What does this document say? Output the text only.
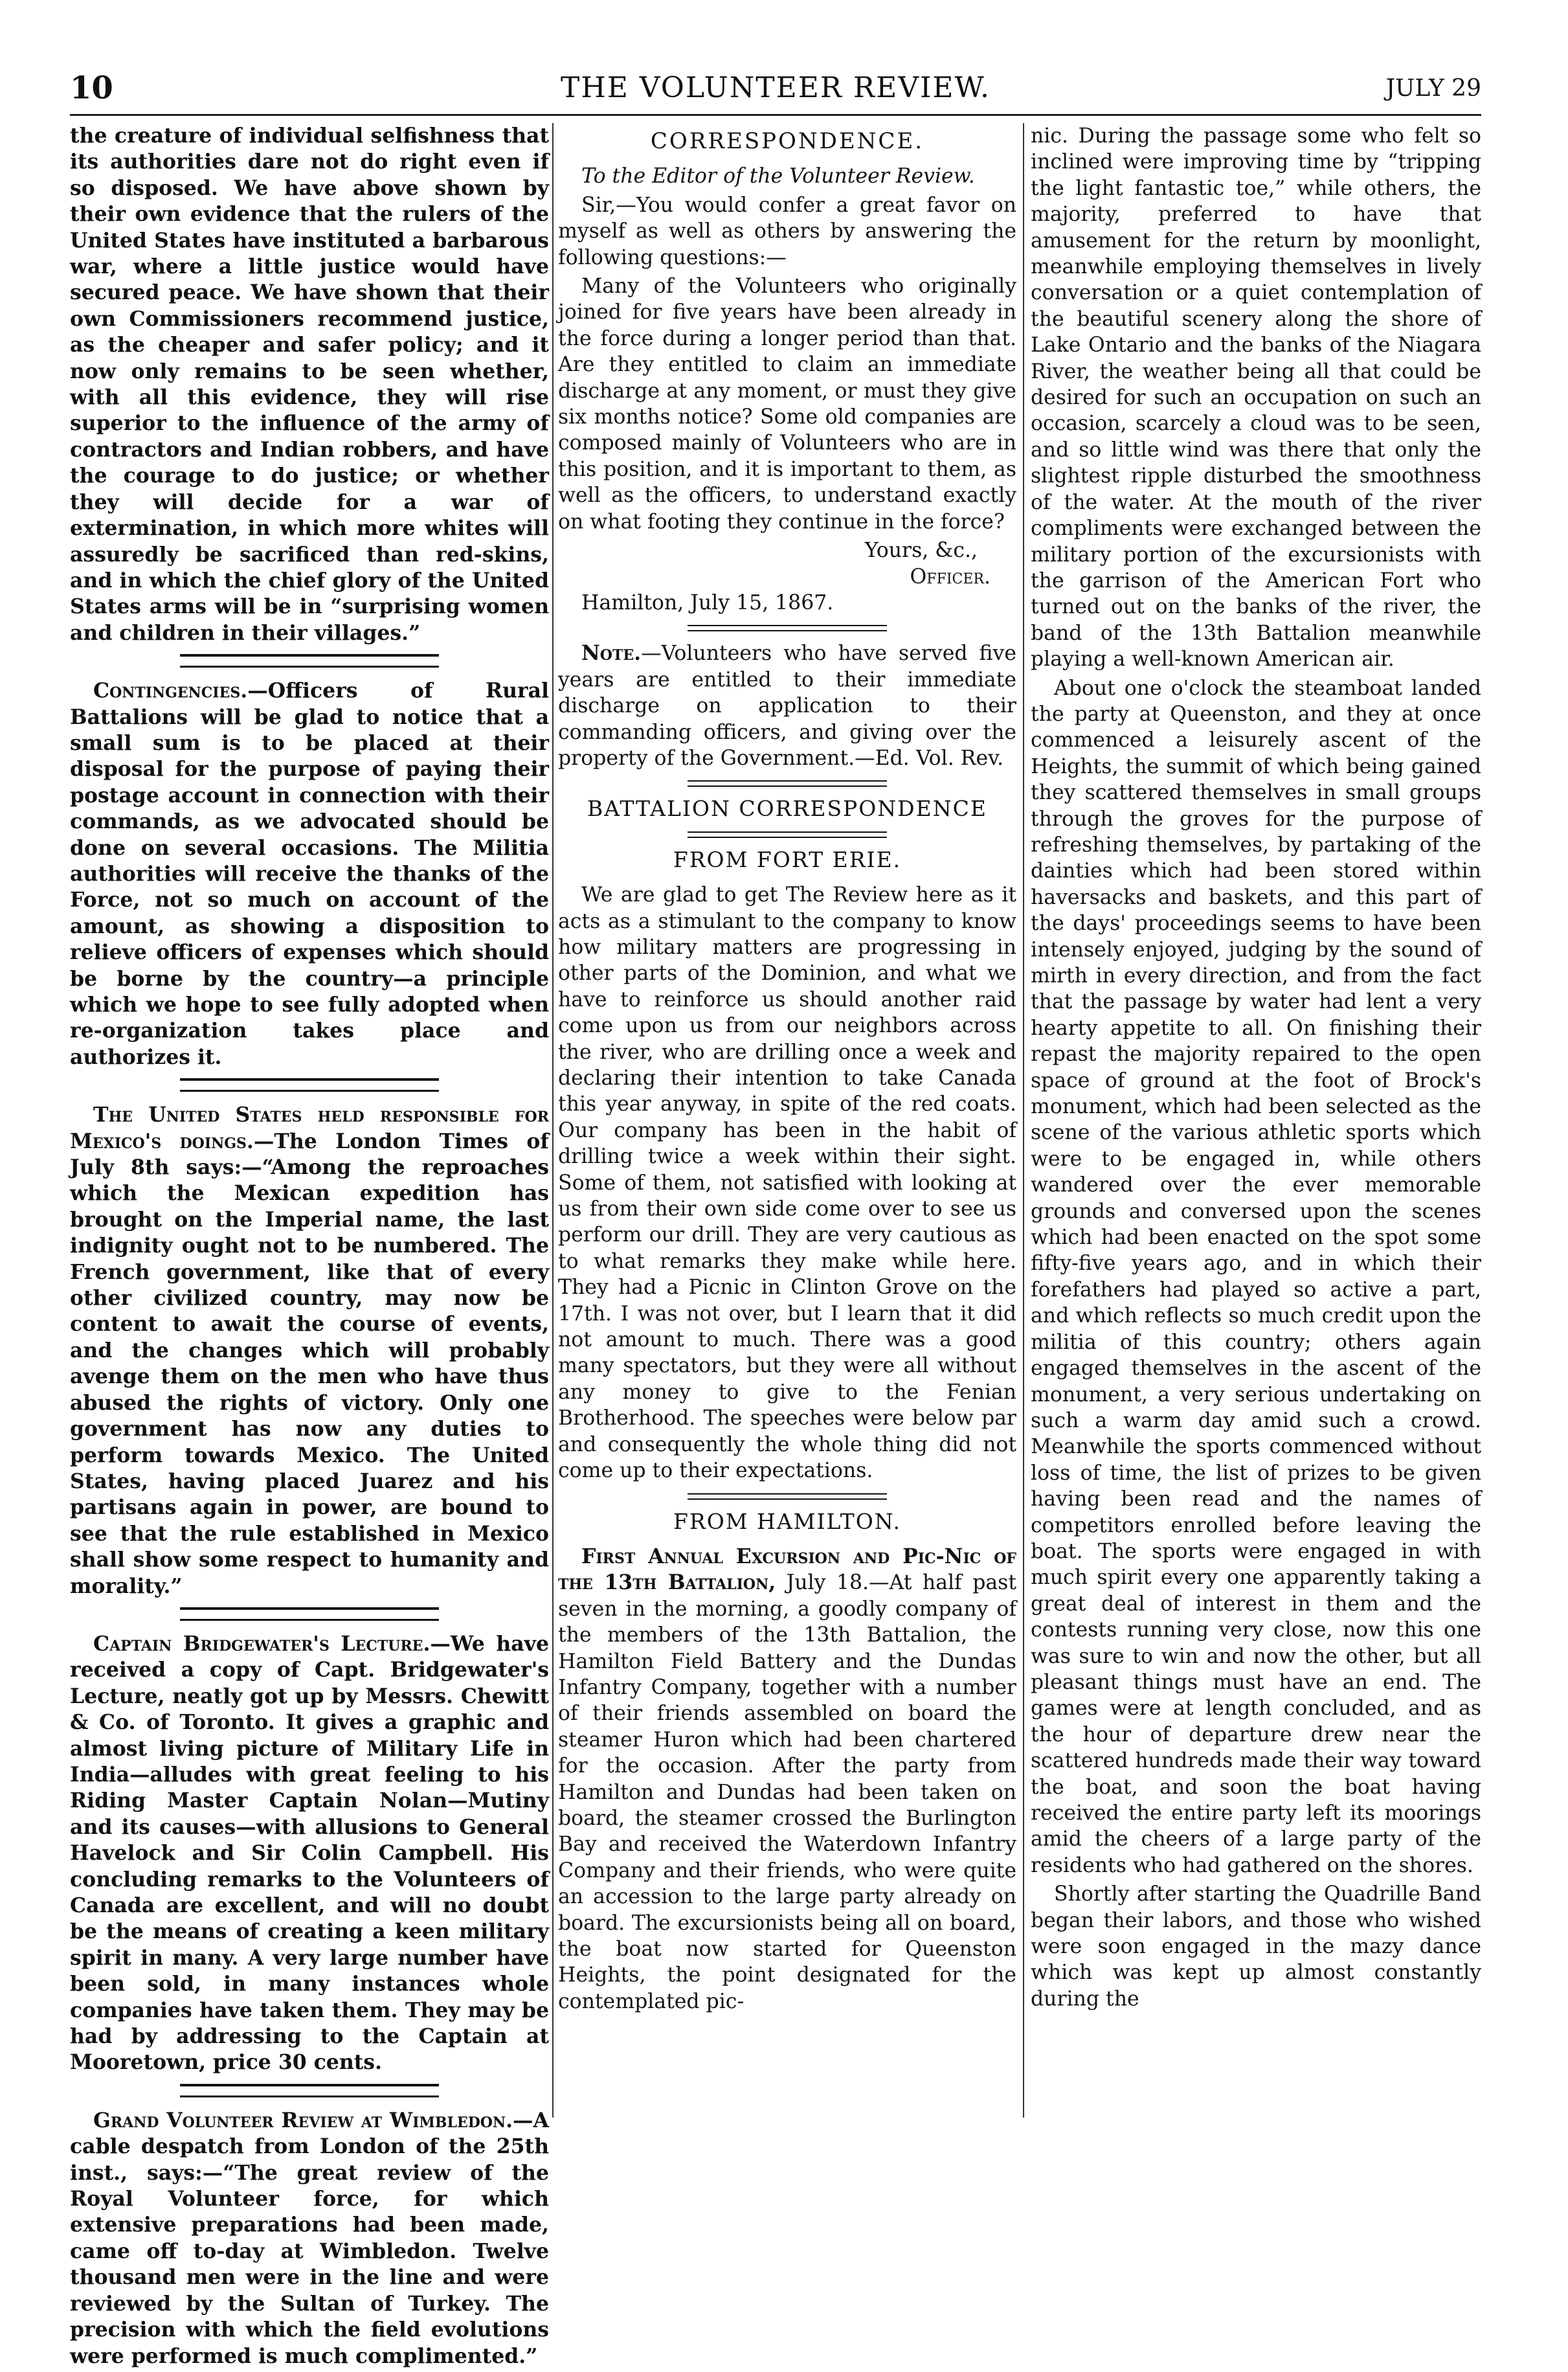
10	THE VOLUNTEER REVIEW.	JULY 29

the creature of individual selfishness that its authorities dare not do right even if so disposed. We have above shown by their own evidence that the rulers of the United States have instituted a barbarous war, where a little justice would have secured peace. We have shown that their own Commissioners recommend justice, as the cheaper and safer policy; and it now only remains to be seen whether, with all this evidence, they will rise superior to the influence of the army of contractors and Indian robbers, and have the courage to do justice; or whether they will decide for a war of extermination, in which more whites will assuredly be sacrificed than red-skins, and in which the chief glory of the United States arms will be in “surprising women and children in their villages.”

Contingencies.—Officers of Rural Battalions will be glad to notice that a small sum is to be placed at their disposal for the purpose of paying their postage account in connection with their commands, as we advocated should be done on several occasions. The Militia authorities will receive the thanks of the Force, not so much on account of the amount, as showing a disposition to relieve officers of expenses which should be borne by the country—a principle which we hope to see fully adopted when re-organization takes place and authorizes it.

The United States held responsible for Mexico's doings.—The London Times of July 8th says:—“Among the reproaches which the Mexican expedition has brought on the Imperial name, the last indignity ought not to be numbered. The French government, like that of every other civilized country, may now be content to await the course of events, and the changes which will probably avenge them on the men who have thus abused the rights of victory. Only one government has now any duties to perform towards Mexico. The United States, having placed Juarez and his partisans again in power, are bound to see that the rule established in Mexico shall show some respect to humanity and morality.”

Captain Bridgewater's Lecture.—We have received a copy of Capt. Bridgewater's Lecture, neatly got up by Messrs. Chewitt & Co. of Toronto. It gives a graphic and almost living picture of Military Life in India—alludes with great feeling to his Riding Master Captain Nolan—Mutiny and its causes—with allusions to General Havelock and Sir Colin Campbell. His concluding remarks to the Volunteers of Canada are excellent, and will no doubt be the means of creating a keen military spirit in many. A very large number have been sold, in many instances whole companies have taken them. They may be had by addressing to the Captain at Mooretown, price 30 cents.

Grand Volunteer Review at Wimbledon.—A cable despatch from London of the 25th inst., says:—“The great review of the Royal Volunteer force, for which extensive preparations had been made, came off to-day at Wimbledon. Twelve thousand men were in the line and were reviewed by the Sultan of Turkey. The precision with which the field evolutions were performed is much complimented.”

CORRESPONDENCE.

To the Editor of the Volunteer Review.

Sir,—You would confer a great favor on myself as well as others by answering the following questions:—

Many of the Volunteers who originally joined for five years have been already in the force during a longer period than that. Are they entitled to claim an immediate discharge at any moment, or must they give six months notice? Some old companies are composed mainly of Volunteers who are in this position, and it is important to them, as well as the officers, to understand exactly on what footing they continue in the force?

Yours, &c.,
Officer.

Hamilton, July 15, 1867.

Note.—Volunteers who have served five years are entitled to their immediate discharge on application to their commanding officers, and giving over the property of the Government.—Ed. Vol. Rev.

BATTALION CORRESPONDENCE
FROM FORT ERIE.

We are glad to get The Review here as it acts as a stimulant to the company to know how military matters are progressing in other parts of the Dominion, and what we have to reinforce us should another raid come upon us from our neighbors across the river, who are drilling once a week and declaring their intention to take Canada this year anyway, in spite of the red coats. Our company has been in the habit of drilling twice a week within their sight. Some of them, not satisfied with looking at us from their own side come over to see us perform our drill. They are very cautious as to what remarks they make while here. They had a Picnic in Clinton Grove on the 17th. I was not over, but I learn that it did not amount to much. There was a good many spectators, but they were all without any money to give to the Fenian Brotherhood. The speeches were below par and consequently the whole thing did not come up to their expectations.

FROM HAMILTON.

First Annual Excursion and Pic-Nic of the 13th Battalion, July 18.—At half past seven in the morning, a goodly company of the members of the 13th Battalion, the Hamilton Field Battery and the Dundas Infantry Company, together with a number of their friends assembled on board the steamer Huron which had been chartered for the occasion. After the party from Hamilton and Dundas had been taken on board, the steamer crossed the Burlington Bay and received the Waterdown Infantry Company and their friends, who were quite an accession to the large party already on board. The excursionists being all on board, the boat now started for Queenston Heights, the point designated for the contemplated pic-

nic. During the passage some who felt so inclined were improving time by “tripping the light fantastic toe,” while others, the majority, preferred to have that amusement for the return by moonlight, meanwhile employing themselves in lively conversation or a quiet contemplation of the beautiful scenery along the shore of Lake Ontario and the banks of the Niagara River, the weather being all that could be desired for such an occupation on such an occasion, scarcely a cloud was to be seen, and so little wind was there that only the slightest ripple disturbed the smoothness of the water. At the mouth of the river compliments were exchanged between the military portion of the excursionists with the garrison of the American Fort who turned out on the banks of the river, the band of the 13th Battalion meanwhile playing a well-known American air.

About one o'clock the steamboat landed the party at Queenston, and they at once commenced a leisurely ascent of the Heights, the summit of which being gained they scattered themselves in small groups through the groves for the purpose of refreshing themselves, by partaking of the dainties which had been stored within haversacks and baskets, and this part of the days' proceedings seems to have been intensely enjoyed, judging by the sound of mirth in every direction, and from the fact that the passage by water had lent a very hearty appetite to all. On finishing their repast the majority repaired to the open space of ground at the foot of Brock's monument, which had been selected as the scene of the various athletic sports which were to be engaged in, while others wandered over the ever memorable grounds and conversed upon the scenes which had been enacted on the spot some fifty-five years ago, and in which their forefathers had played so active a part, and which reflects so much credit upon the militia of this country; others again engaged themselves in the ascent of the monument, a very serious undertaking on such a warm day amid such a crowd. Meanwhile the sports commenced without loss of time, the list of prizes to be given having been read and the names of competitors enrolled before leaving the boat. The sports were engaged in with much spirit every one apparently taking a great deal of interest in them and the contests running very close, now this one was sure to win and now the other, but all pleasant things must have an end. The games were at length concluded, and as the hour of departure drew near the scattered hundreds made their way toward the boat, and soon the boat having received the entire party left its moorings amid the cheers of a large party of the residents who had gathered on the shores.

Shortly after starting the Quadrille Band began their labors, and those who wished were soon engaged in the mazy dance which was kept up almost constantly during the
